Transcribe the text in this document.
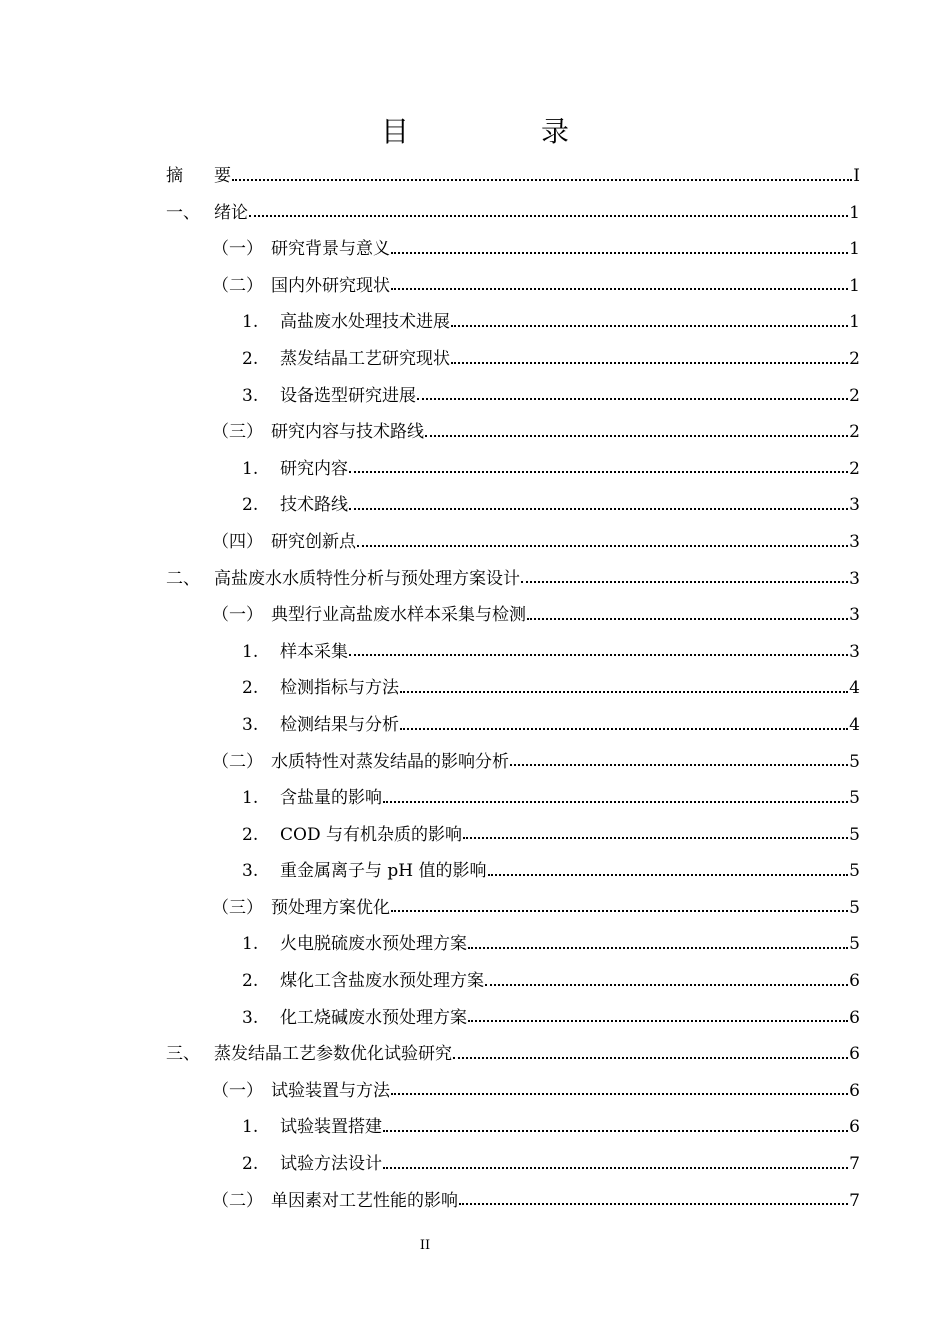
目　录
摘	要	I
一、 绪论	1
（一） 研究背景与意义	1
（二） 国内外研究现状	1
1.	高盐废水处理技术进展	1
2.	蒸发结晶工艺研究现状	2
3.	设备选型研究进展	2
（三） 研究内容与技术路线	2
1.	研究内容	2
2.	技术路线	3
（四） 研究创新点	3
二、 高盐废水水质特性分析与预处理方案设计	3
（一） 典型行业高盐废水样本采集与检测	3
1.	样本采集	3
2.	检测指标与方法	4
3.	检测结果与分析	4
（二） 水质特性对蒸发结晶的影响分析	5
1.	含盐量的影响	5
2.	COD 与有机杂质的影响	5
3.	重金属离子与 pH 值的影响	5
（三） 预处理方案优化	5
1.	火电脱硫废水预处理方案	5
2.	煤化工含盐废水预处理方案	6
3.	化工烧碱废水预处理方案	6
三、 蒸发结晶工艺参数优化试验研究	6
（一） 试验装置与方法	6
1.	试验装置搭建	6
2.	试验方法设计	7
（二） 单因素对工艺性能的影响	7
II
